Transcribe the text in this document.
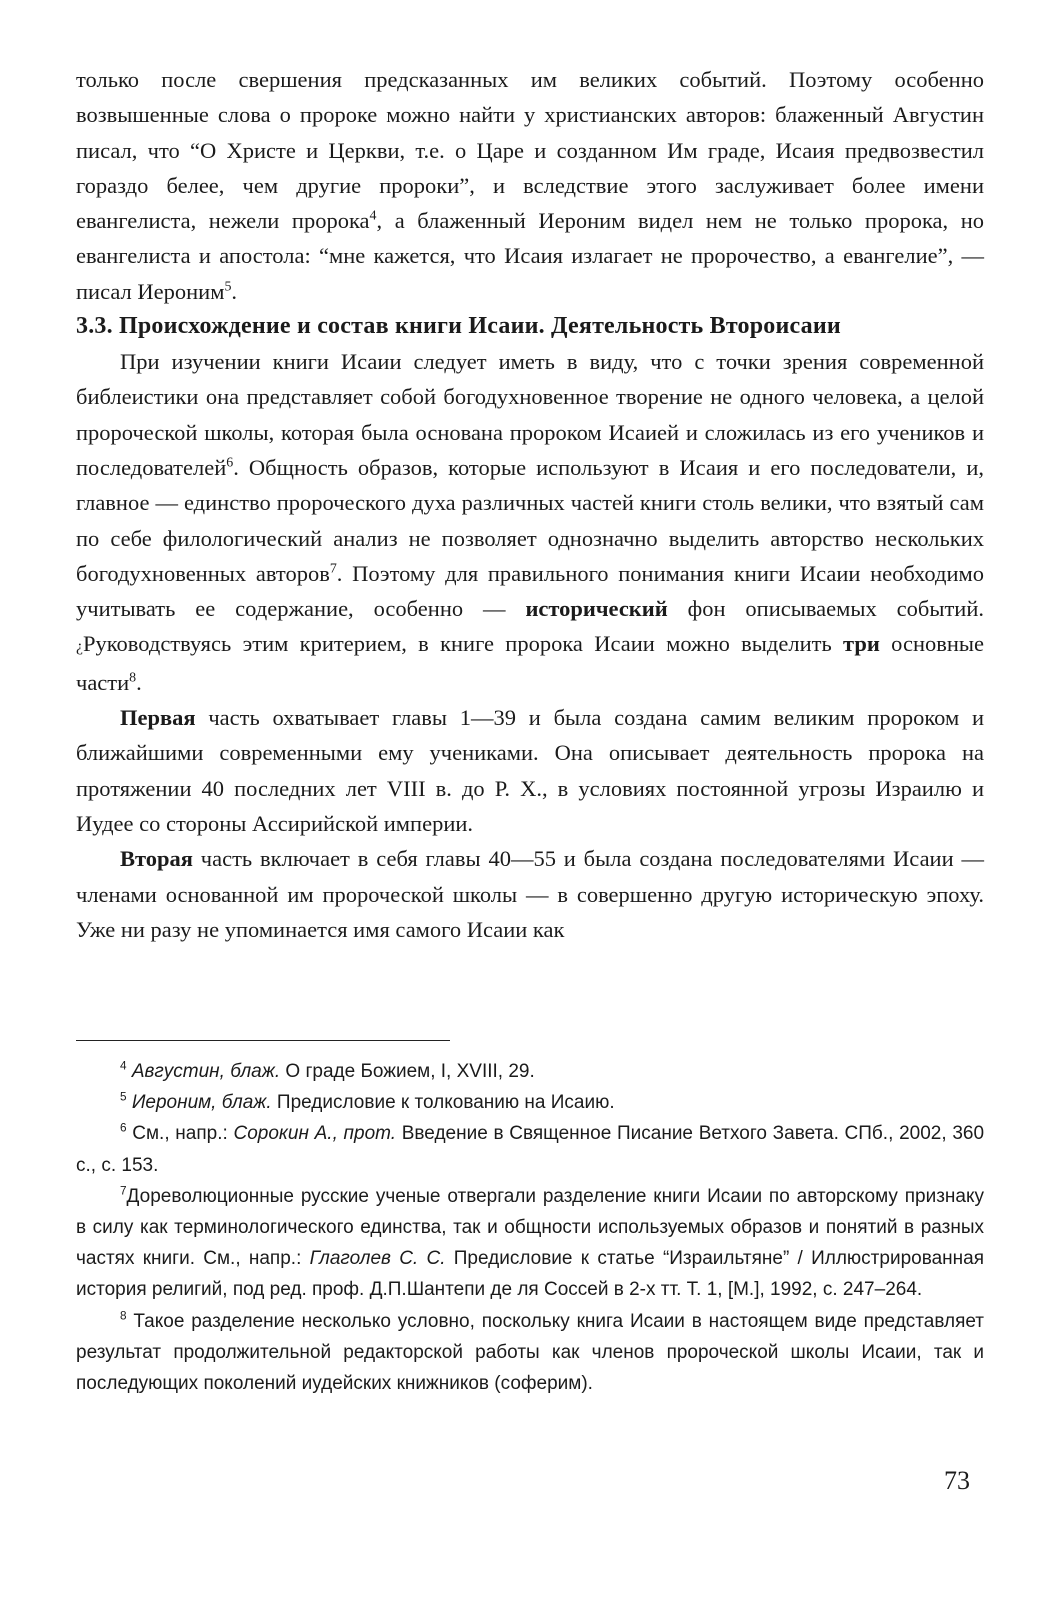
только после свершения предсказанных им великих событий. Поэтому особенно возвышенные слова о пророке можно найти у христианских авторов: блаженный Августин писал, что “О Христе и Церкви, т.е. о Царе и созданном Им граде, Исаия предвозвестил гораздо белее, чем другие пророки”, и вследствие этого заслуживает более имени евангелиста, нежели пророка$^4$, а блаженный Иероним видел нем не только пророка, но евангелиста и апостола: “мне кажется, что Исаия излагает не пророчество, а евангелие”, — писал Иероним$^5$.

3.3. Происхождение и состав книги Исаии. Деятельность Второисаии

При изучении книги Исаии следует иметь в виду, что с точки зрения современной библеистики она представляет собой богодухновенное творение не одного человека, а целой пророческой школы, которая была основана пророком Исаией и сложилась из его учеников и последователей$^6$. Общность образов, которые используют в Исаия и его последователи, и, главное — единство пророческого духа различных частей книги столь велики, что взятый сам по себе филологический анализ не позволяет однозначно выделить авторство нескольких богодухновенных авторов$^7$. Поэтому для правильного понимания книги Исаии необходимо учитывать ее содержание, особенно — исторический фон описываемых событий. ¿Руководствуясь этим критерием, в книге пророка Исаии можно выделить три основные части$^8$.

Первая часть охватывает главы 1—39 и была создана самим великим пророком и ближайшими современными ему учениками. Она описывает деятельность пророка на протяжении 40 последних лет VIII в. до Р. Х., в условиях постоянной угрозы Израилю и Иудее со стороны Ассирийской империи.

Вторая часть включает в себя главы 40—55 и была создана последователями Исаии — членами основанной им пророческой школы — в совершенно другую историческую эпоху. Уже ни разу не упоминается имя самого Исаии как

$^4$ Августин, блаж. О граде Божием, I, XVIII, 29.

$^5$ Иероним, блаж. Предисловие к толкованию на Исаию.

$^6$ См., напр.: Сорокин А., прот. Введение в Священное Писание Ветхого Завета. СПб., 2002, 360 с., с. 153.

$^7$Дореволюционные русские ученые отвергали разделение книги Исаии по авторскому признаку в силу как терминологического единства, так и общности используемых образов и понятий в разных частях книги. См., напр.: Глаголев С. С. Предисловие к статье “Израильтяне” / Иллюстрированная история религий, под ред. проф. Д.П.Шантепи де ля Соссей в 2-х тт. Т. 1, [М.], 1992, с. 247–264.

$^8$ Такое разделение несколько условно, поскольку книга Исаии в настоящем виде представляет результат продолжительной редакторской работы как членов пророческой школы Исаии, так и последующих поколений иудейских книжников (соферим).

73
